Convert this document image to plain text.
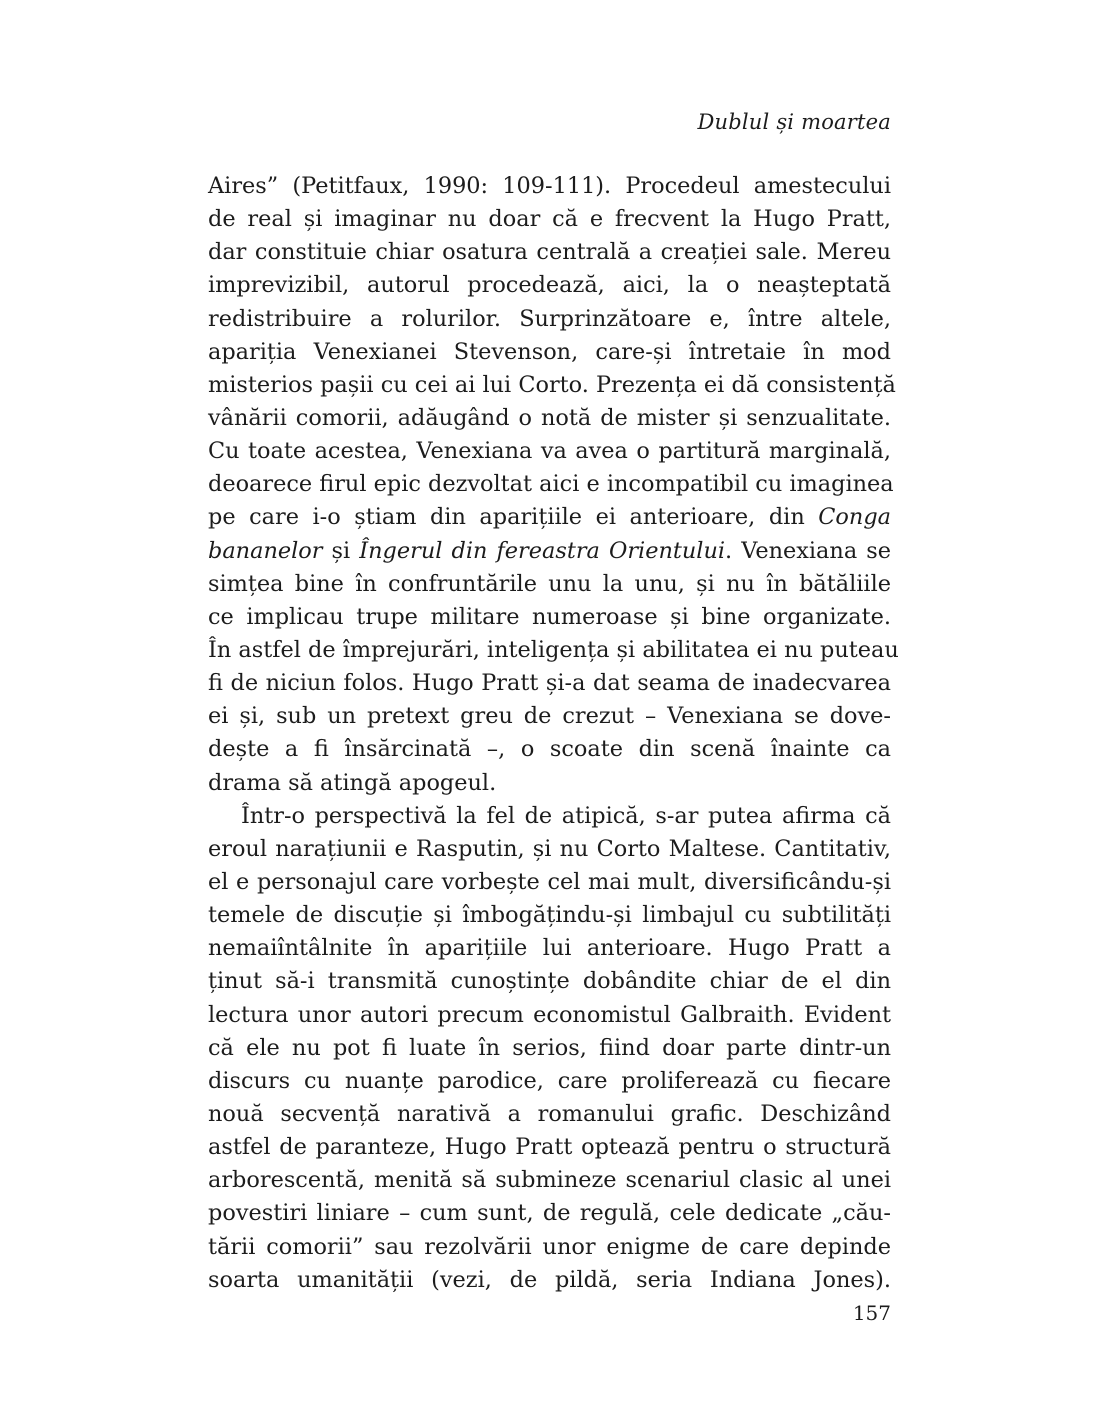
Dublul și moartea
Aires” (Petitfaux, 1990: 109-111). Procedeul amestecului
de real și imaginar nu doar că e frecvent la Hugo Pratt,
dar constituie chiar osatura centrală a creației sale. Mereu
imprevizibil, autorul procedează, aici, la o neașteptată
redistribuire a rolurilor. Surprinzătoare e, între altele,
apariția Venexianei Stevenson, care-și întretaie în mod
misterios pașii cu cei ai lui Corto. Prezența ei dă consistență
vânării comorii, adăugând o notă de mister și senzualitate.
Cu toate acestea, Venexiana va avea o partitură marginală,
deoarece firul epic dezvoltat aici e incompatibil cu imaginea
pe care i-o știam din aparițiile ei anterioare, din Conga
bananelor și Îngerul din fereastra Orientului. Venexiana se
simțea bine în confruntările unu la unu, și nu în bătăliile
ce implicau trupe militare numeroase și bine organizate.
În astfel de împrejurări, inteligența și abilitatea ei nu puteau
fi de niciun folos. Hugo Pratt și-a dat seama de inadecvarea
ei și, sub un pretext greu de crezut – Venexiana se dove-
dește a fi însărcinată –, o scoate din scenă înainte ca
drama să atingă apogeul.
Într-o perspectivă la fel de atipică, s-ar putea afirma că
eroul narațiunii e Rasputin, și nu Corto Maltese. Cantitativ,
el e personajul care vorbește cel mai mult, diversificându-și
temele de discuție și îmbogățindu-și limbajul cu subtilități
nemaiîntâlnite în aparițiile lui anterioare. Hugo Pratt a
ținut să-i transmită cunoștințe dobândite chiar de el din
lectura unor autori precum economistul Galbraith. Evident
că ele nu pot fi luate în serios, fiind doar parte dintr-un
discurs cu nuanțe parodice, care proliferează cu fiecare
nouă secvență narativă a romanului grafic. Deschizând
astfel de paranteze, Hugo Pratt optează pentru o structură
arborescentă, menită să submineze scenariul clasic al unei
povestiri liniare – cum sunt, de regulă, cele dedicate „cău-
tării comorii” sau rezolvării unor enigme de care depinde
soarta umanității (vezi, de pildă, seria Indiana Jones).
157
